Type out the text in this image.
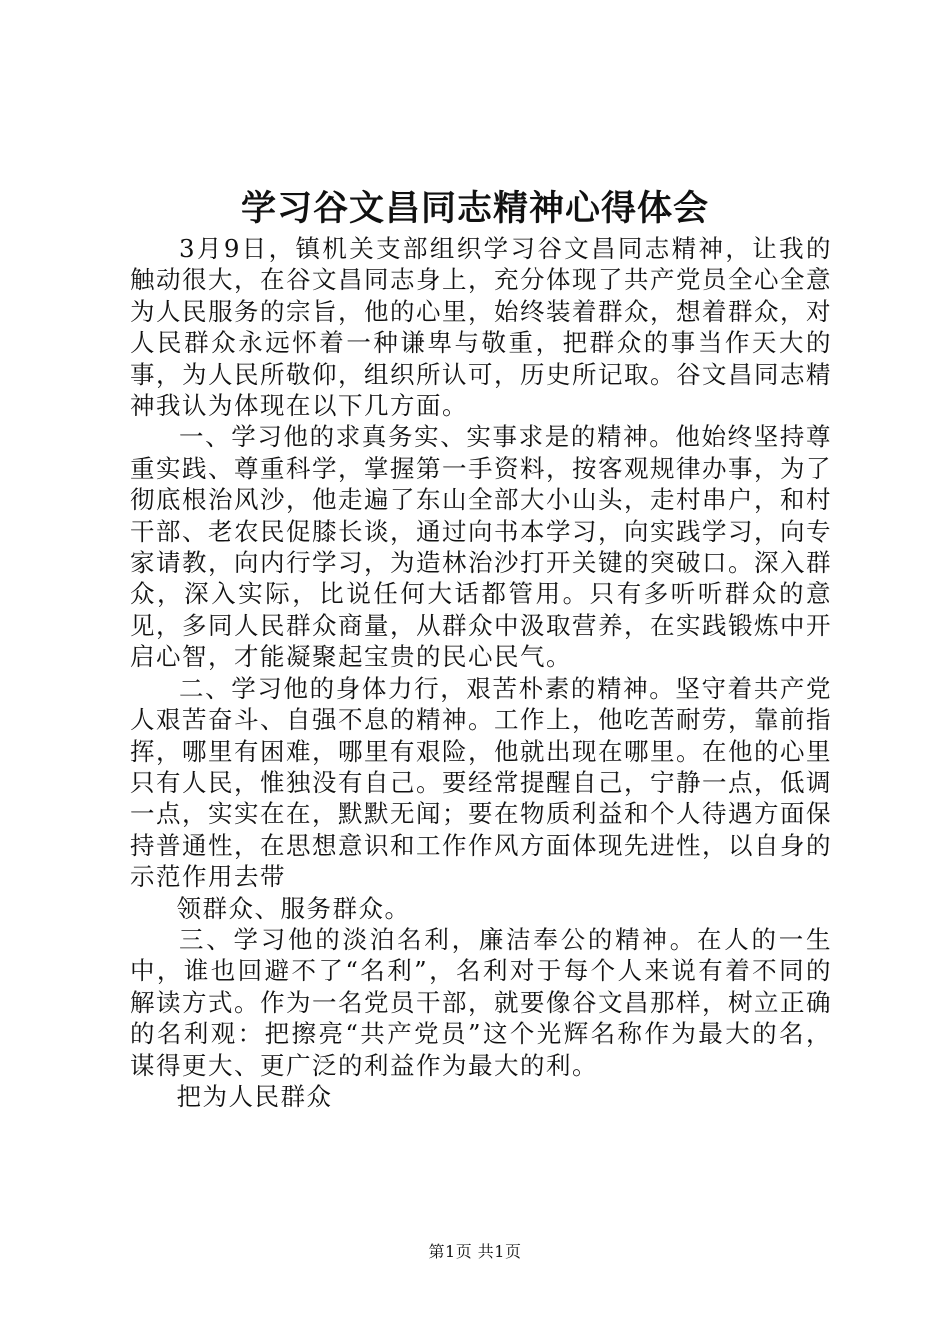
学习谷文昌同志精神心得体会

3月9日，镇机关支部组织学习谷文昌同志精神，让我的触动很大，在谷文昌同志身上，充分体现了共产党员全心全意为人民服务的宗旨，他的心里，始终装着群众，想着群众，对人民群众永远怀着一种谦卑与敬重，把群众的事当作天大的事，为人民所敬仰，组织所认可，历史所记取。谷文昌同志精神我认为体现在以下几方面。

一、学习他的求真务实、实事求是的精神。他始终坚持尊重实践、尊重科学，掌握第一手资料，按客观规律办事，为了彻底根治风沙，他走遍了东山全部大小山头，走村串户，和村干部、老农民促膝长谈，通过向书本学习，向实践学习，向专家请教，向内行学习，为造林治沙打开关键的突破口。深入群众，深入实际，比说任何大话都管用。只有多听听群众的意见，多同人民群众商量，从群众中汲取营养，在实践锻炼中开启心智，才能凝聚起宝贵的民心民气。

二、学习他的身体力行，艰苦朴素的精神。坚守着共产党人艰苦奋斗、自强不息的精神。工作上，他吃苦耐劳，靠前指挥，哪里有困难，哪里有艰险，他就出现在哪里。在他的心里只有人民，惟独没有自己。要经常提醒自己，宁静一点，低调一点，实实在在，默默无闻；要在物质利益和个人待遇方面保持普通性，在思想意识和工作作风方面体现先进性，以自身的示范作用去带

领群众、服务群众。

三、学习他的淡泊名利，廉洁奉公的精神。在人的一生中，谁也回避不了“名利”，名利对于每个人来说有着不同的解读方式。作为一名党员干部，就要像谷文昌那样，树立正确的名利观：把擦亮“共产党员”这个光辉名称作为最大的名，谋得更大、更广泛的利益作为最大的利。

把为人民群众

第1页 共1页
